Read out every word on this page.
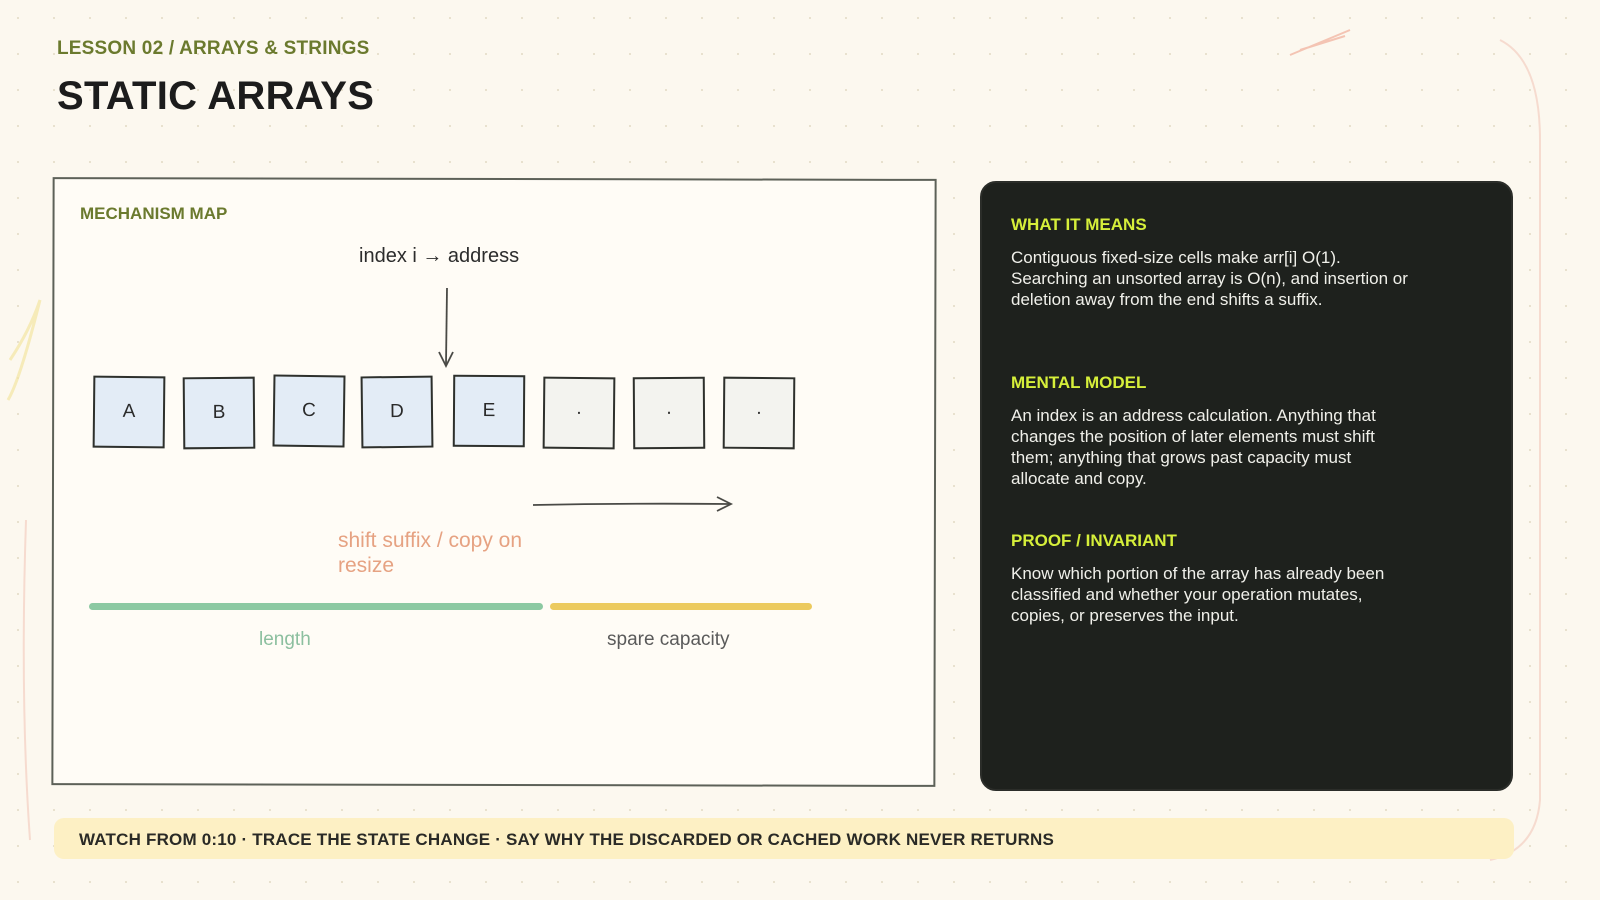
LESSON 02 / ARRAYS & STRINGS
STATIC ARRAYS
MECHANISM MAP
index i → address
A	B	C	D	E	·	·	·
shift suffix / copy on resize
length	spare capacity
WHAT IT MEANS
Contiguous fixed-size cells make arr[i] O(1). Searching an unsorted array is O(n), and insertion or deletion away from the end shifts a suffix.
MENTAL MODEL
An index is an address calculation. Anything that changes the position of later elements must shift them; anything that grows past capacity must allocate and copy.
PROOF / INVARIANT
Know which portion of the array has already been classified and whether your operation mutates, copies, or preserves the input.
WATCH FROM 0:10 · TRACE THE STATE CHANGE · SAY WHY THE DISCARDED OR CACHED WORK NEVER RETURNS
